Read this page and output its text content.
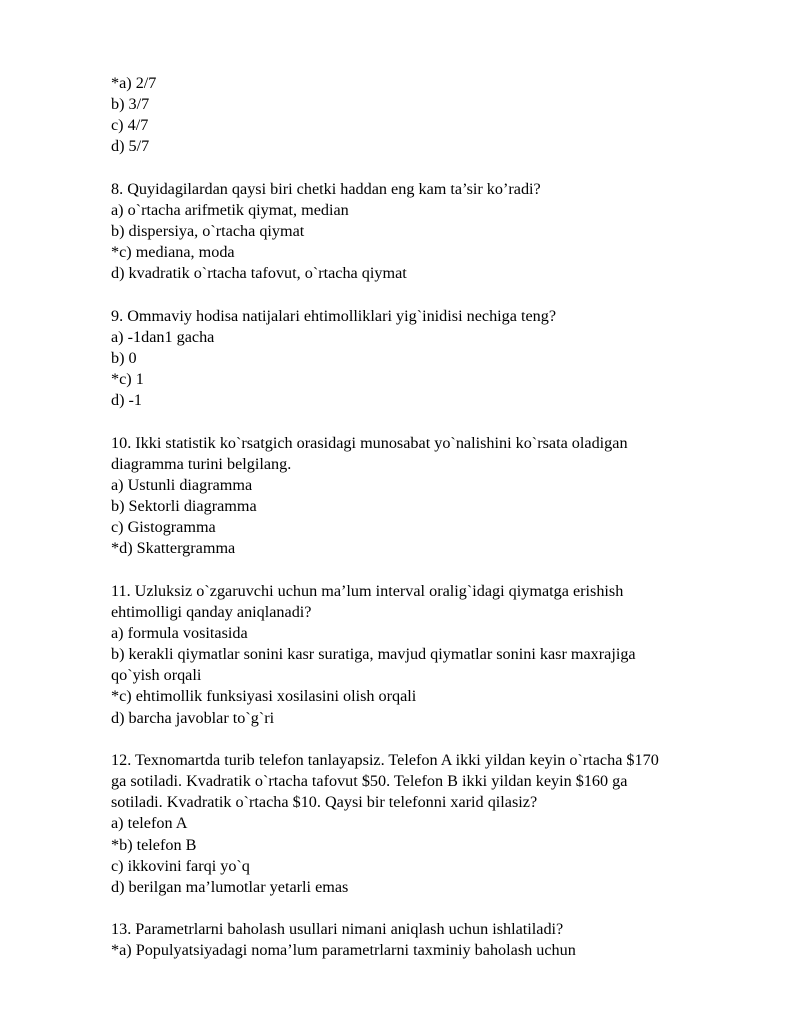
*a) 2/7
b) 3/7
c) 4/7
d) 5/7
8. Quyidagilardan qaysi biri chetki haddan eng kam ta’sir ko’radi?
a) o`rtacha arifmetik qiymat, median
b) dispersiya, o`rtacha qiymat
*c) mediana, moda
d) kvadratik o`rtacha tafovut, o`rtacha qiymat
9. Ommaviy hodisa natijalari ehtimolliklari yig`inidisi nechiga teng?
a) -1dan1 gacha
b) 0
*c) 1
d) -1
10. Ikki statistik ko`rsatgich orasidagi munosabat yo`nalishini ko`rsata oladigan
diagramma turini belgilang.
a) Ustunli diagramma
b) Sektorli diagramma
c) Gistogramma
*d) Skattergramma
11. Uzluksiz o`zgaruvchi uchun ma’lum interval oralig`idagi qiymatga erishish
ehtimolligi qanday aniqlanadi?
a) formula vositasida
b) kerakli qiymatlar sonini kasr suratiga, mavjud qiymatlar sonini kasr maxrajiga
qo`yish orqali
*c) ehtimollik funksiyasi xosilasini olish orqali
d) barcha javoblar to`g`ri
12. Texnomartda turib telefon tanlayapsiz. Telefon A ikki yildan keyin o`rtacha $170
ga sotiladi. Kvadratik o`rtacha tafovut $50. Telefon B ikki yildan keyin $160 ga
sotiladi. Kvadratik o`rtacha $10. Qaysi bir telefonni xarid qilasiz?
a) telefon A
*b) telefon B
c) ikkovini farqi yo`q
d) berilgan ma’lumotlar yetarli emas
13. Parametrlarni baholash usullari nimani aniqlash uchun ishlatiladi?
*a) Populyatsiyadagi noma’lum parametrlarni taxminiy baholash uchun
